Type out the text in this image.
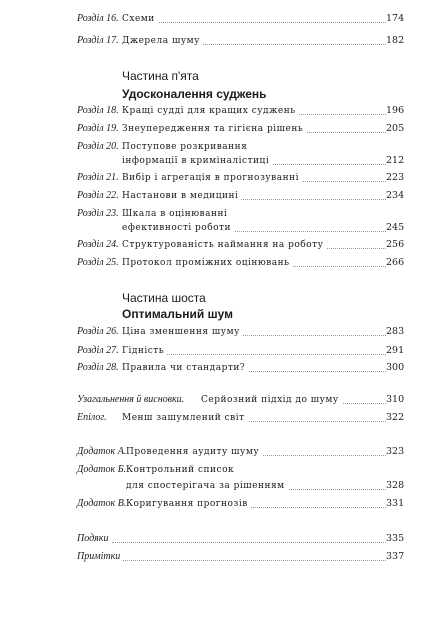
Розділ 16. Схеми	174
Розділ 17. Джерела шуму	182
Частина п'ята
Удосконалення суджень
Розділ 18. Кращі судді для кращих суджень	196
Розділ 19. Знеупередження та гігієна рішень	205
Розділ 20. Поступове розкривання
інформації в криміналістиці	212
Розділ 21. Вибір і агрегація в прогнозуванні	223
Розділ 22. Настанови в медицині	234
Розділ 23. Шкала в оцінюванні
ефективності роботи	245
Розділ 24. Структурованість наймання на роботу	256
Розділ 25. Протокол проміжних оцінювань	266
Частина шоста
Оптимальний шум
Розділ 26. Ціна зменшення шуму	283
Розділ 27. Гідність	291
Розділ 28. Правила чи стандарти?	300
Узагальнення й висновки. Серйозний підхід до шуму	310
Епілог. Менш зашумлений світ	322
Додаток А. Проведення аудиту шуму	323
Додаток Б. Контрольний список
для спостерігача за рішенням	328
Додаток В. Коригування прогнозів	331
Подяки	335
Примітки	337
